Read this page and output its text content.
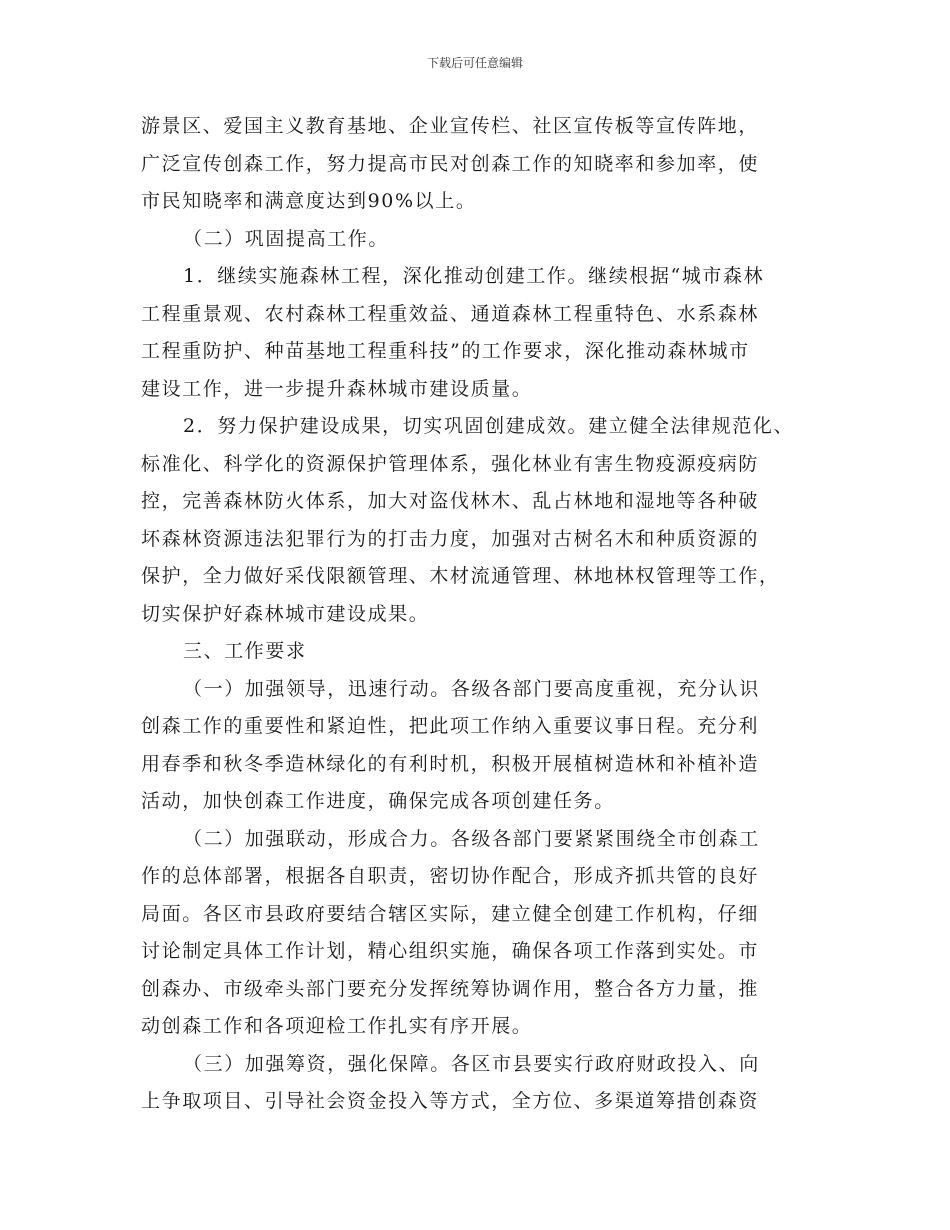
下载后可任意编辑
游景区、爱国主义教育基地、企业宣传栏、社区宣传板等宣传阵地，
广泛宣传创森工作，努力提高市民对创森工作的知晓率和参加率，使
市民知晓率和满意度达到90%以上。
（二）巩固提高工作。
1．继续实施森林工程，深化推动创建工作。继续根据“城市森林
工程重景观、农村森林工程重效益、通道森林工程重特色、水系森林
工程重防护、种苗基地工程重科技”的工作要求，深化推动森林城市
建设工作，进一步提升森林城市建设质量。
2．努力保护建设成果，切实巩固创建成效。建立健全法律规范化、
标准化、科学化的资源保护管理体系，强化林业有害生物疫源疫病防
控，完善森林防火体系，加大对盗伐林木、乱占林地和湿地等各种破
坏森林资源违法犯罪行为的打击力度，加强对古树名木和种质资源的
保护，全力做好采伐限额管理、木材流通管理、林地林权管理等工作，
切实保护好森林城市建设成果。
三、工作要求
（一）加强领导，迅速行动。各级各部门要高度重视，充分认识
创森工作的重要性和紧迫性，把此项工作纳入重要议事日程。充分利
用春季和秋冬季造林绿化的有利时机，积极开展植树造林和补植补造
活动，加快创森工作进度，确保完成各项创建任务。
（二）加强联动，形成合力。各级各部门要紧紧围绕全市创森工
作的总体部署，根据各自职责，密切协作配合，形成齐抓共管的良好
局面。各区市县政府要结合辖区实际，建立健全创建工作机构，仔细
讨论制定具体工作计划，精心组织实施，确保各项工作落到实处。市
创森办、市级牵头部门要充分发挥统筹协调作用，整合各方力量，推
动创森工作和各项迎检工作扎实有序开展。
（三）加强筹资，强化保障。各区市县要实行政府财政投入、向
上争取项目、引导社会资金投入等方式，全方位、多渠道筹措创森资
